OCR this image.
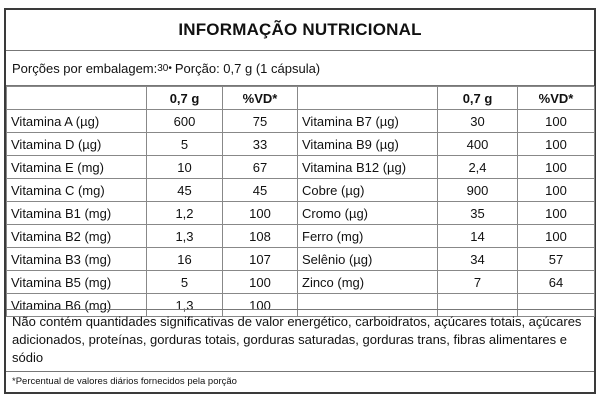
INFORMAÇÃO NUTRICIONAL
Porções por embalagem: 30 • Porção: 0,7 g (1 cápsula)
	0,7 g	%VD*		0,7 g	%VD*
Vitamina A (µg)	600	75	Vitamina B7 (µg)	30	100
Vitamina D (µg)	5	33	Vitamina B9 (µg)	400	100
Vitamina E (mg)	10	67	Vitamina B12 (µg)	2,4	100
Vitamina C (mg)	45	45	Cobre (µg)	900	100
Vitamina B1 (mg)	1,2	100	Cromo (µg)	35	100
Vitamina B2 (mg)	1,3	108	Ferro (mg)	14	100
Vitamina B3 (mg)	16	107	Selênio (µg)	34	57
Vitamina B5 (mg)	5	100	Zinco (mg)	7	64
Vitamina B6 (mg)	1,3	100			
Não contém quantidades significativas de valor energético, carboidratos, açúcares totais, açúcares adicionados, proteínas, gorduras totais, gorduras saturadas, gorduras trans, fibras alimentares e sódio
*Percentual de valores diários fornecidos pela porção
